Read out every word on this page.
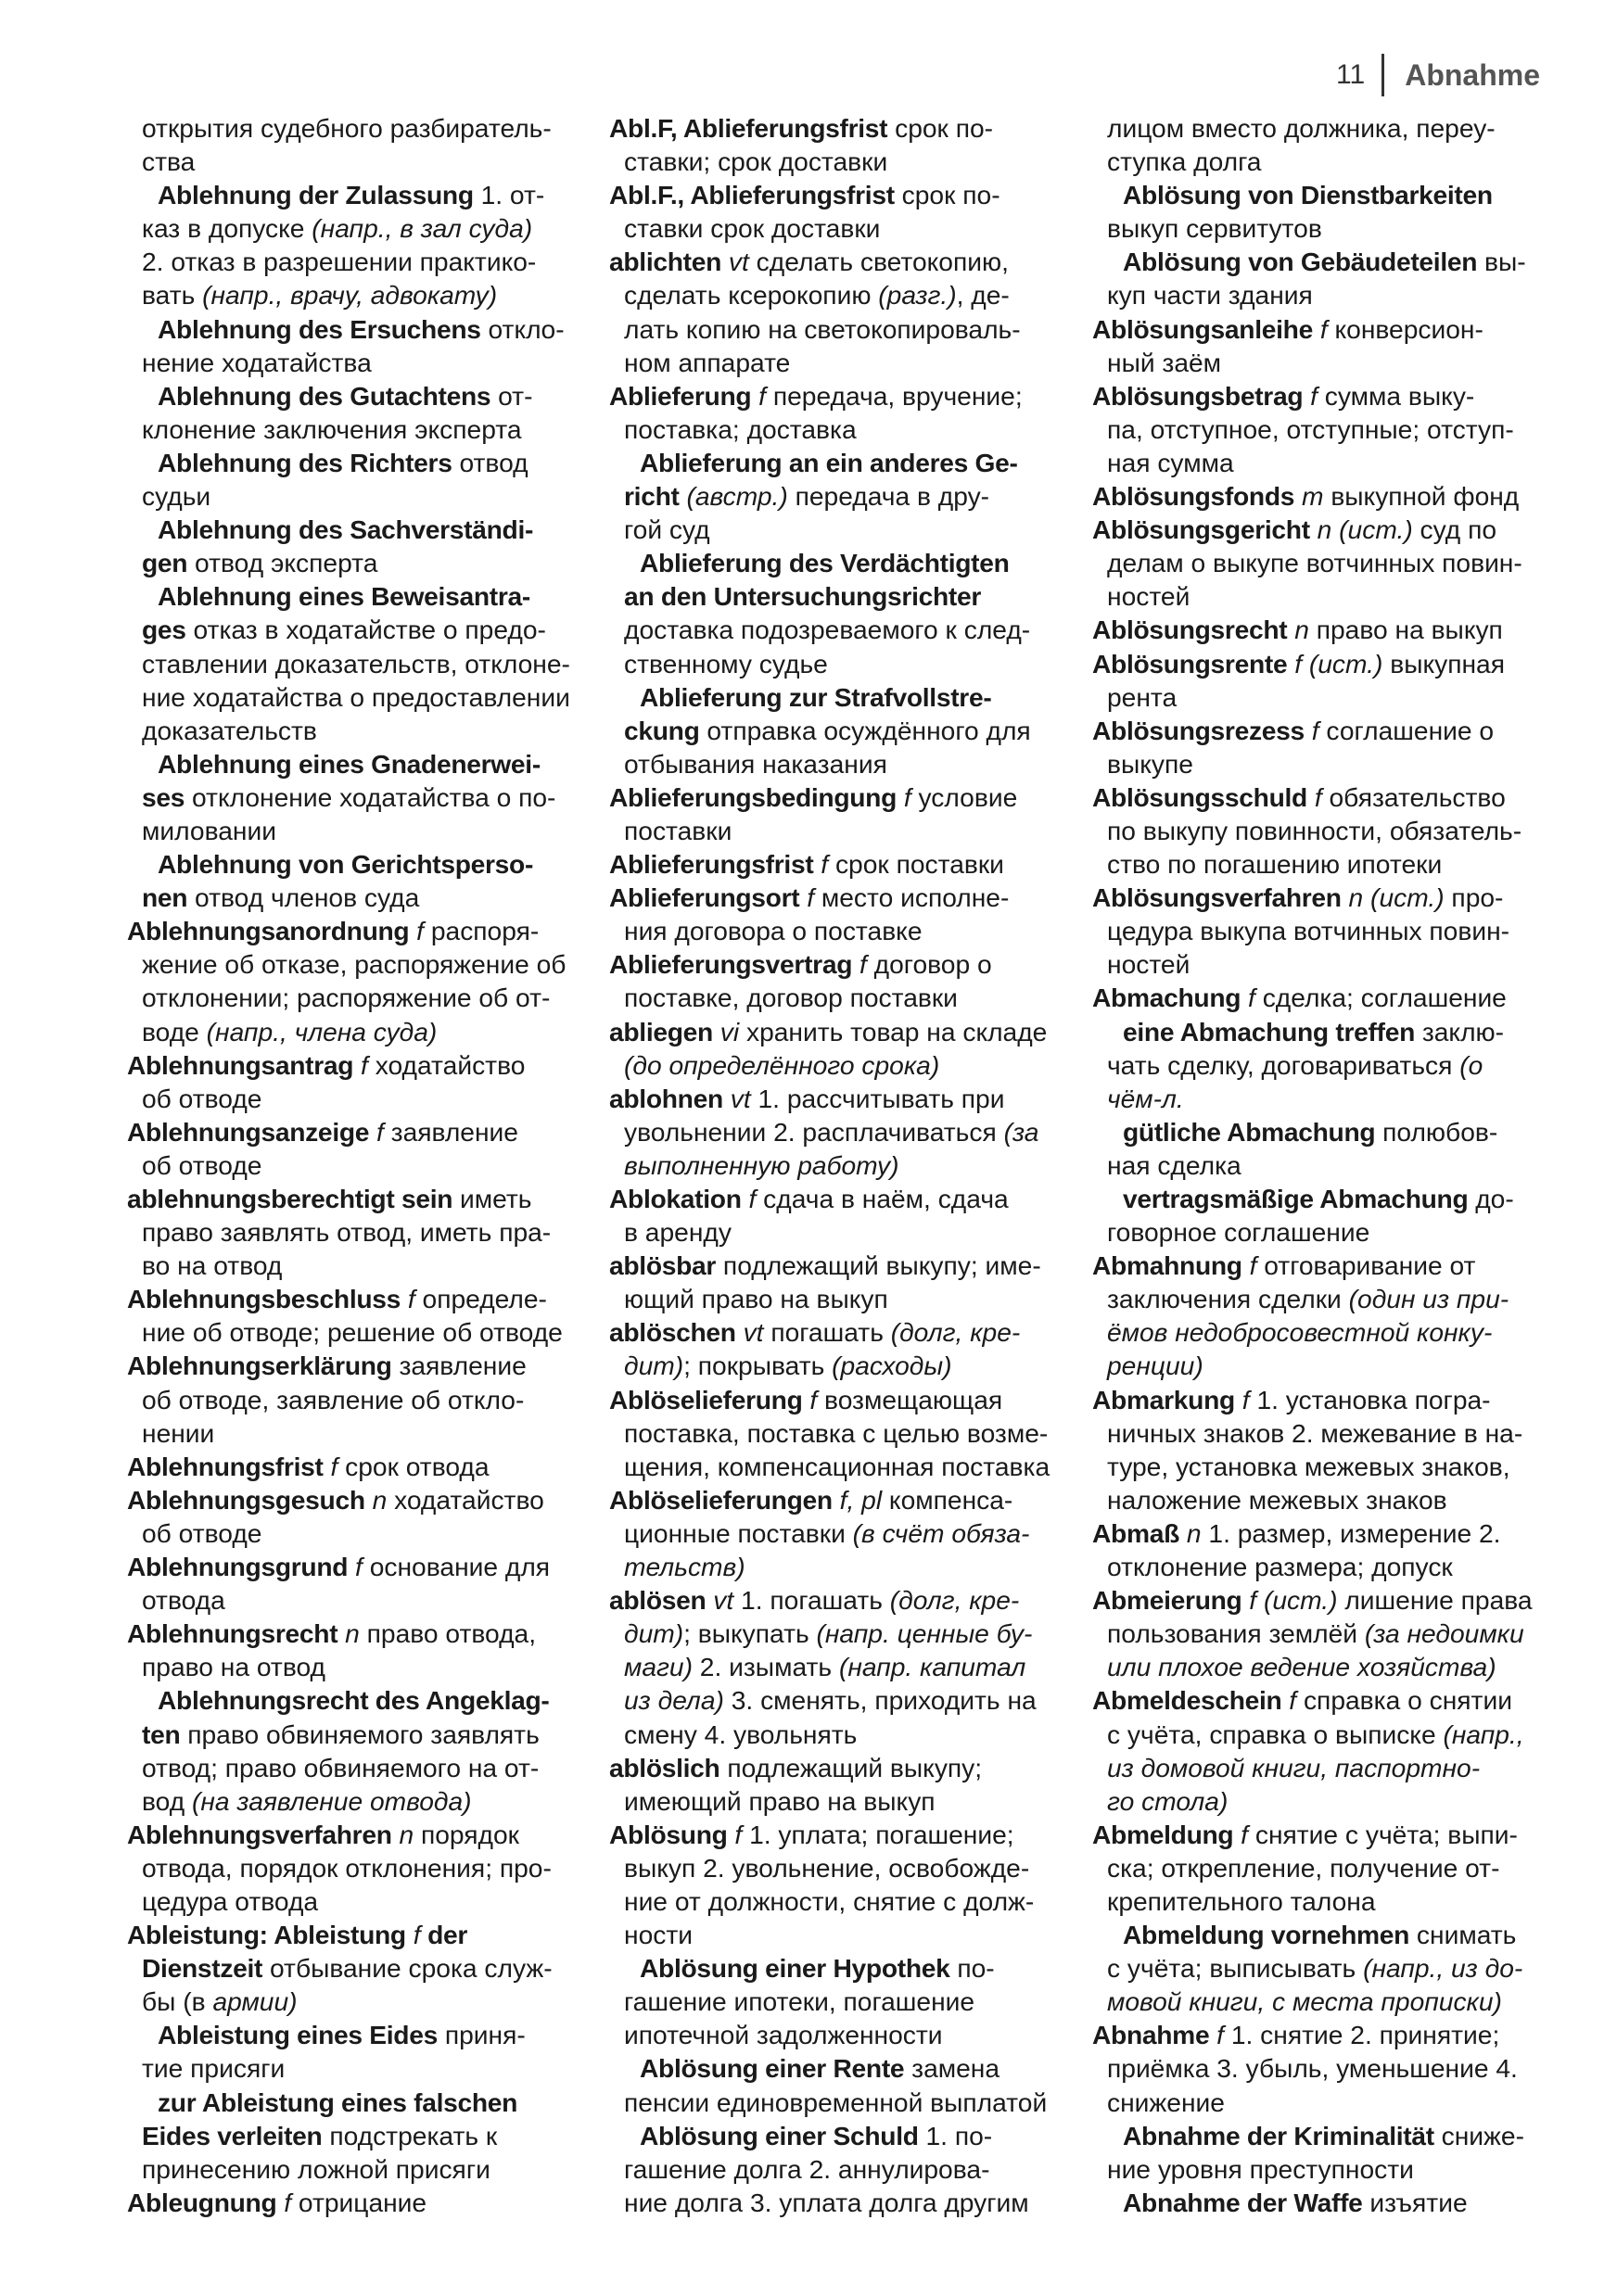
11 Abnahme
открытия судебного разбиратель-
ства
Ablehnung der Zulassung 1. от-
каз в допуске (напр., в зал суда)
2. отказ в разрешении практико-
вать (напр., врачу, адвокату)
Ablehnung des Ersuchens отклo-
нение ходатайства
Ablehnung des Gutachtens от-
клонение заключения эксперта
Ablehnung des Richters отвод
судьи
Ablehnung des Sachverständi-
gen отвод эксперта
Ablehnung eines Beweisantra-
ges отказ в ходатайстве о предо-
ставлении доказательств, отклоне-
ние ходатайства о предоставлении
доказательств
Ablehnung eines Gnadenerwei-
ses отклонение ходатайства о по-
миловании
Ablehnung von Gerichtsperso-
nen отвод членов суда
Ablehnungsanordnung f распоря-
жение об отказе, распоряжение об
отклонении; распоряжение об от-
воде (напр., члена суда)
Ablehnungsantrag f ходатайство
об отводе
Ablehnungsanzeige f заявление
об отводе
ablehnungsberechtigt sein иметь
право заявлять отвод, иметь пра-
во на отвод
Ablehnungsbeschluss f определе-
ние об отводе; решение об отводе
Ablehnungserklärung заявление
об отводе, заявление об откло-
нении
Ablehnungsfrist f срок отвода
Ablehnungsgesuch n ходатайство
об отводе
Ablehnungsgrund f основание для
отвода
Ablehnungsrecht n право отвода,
право на отвод
Ablehnungsrecht des Angeklag-
ten право обвиняемого заявлять
отвод; право обвиняемого на от-
вод (на заявление отвода)
Ablehnungsverfahren n порядок
отвода, порядок отклонения; про-
цедура отвода
Ableistung: Ableistung f der
Dienstzeit отбывание срока служ-
бы (в армии)
Ableistung eines Eides приня-
тие присяги
zur Ableistung eines falschen
Eides verleiten подстрекать к
принесению ложной присяги
Ableugnung f отрицание
Abl.F, Ablieferungsfrist срок по-
ставки; срок доставки
Abl.F., Ablieferungsfrist срок по-
ставки срок доставки
ablichten vt сделать светокопию,
сделать ксерокопию (разг.), де-
лать копию на светокопироваль-
ном аппарате
Ablieferung f передача, вручение;
поставка; доставка
Ablieferung an ein anderes Ge-
richt (австр.) передача в дру-
гой суд
Ablieferung des Verdächtigten
an den Untersuchungsrichter
доставка подозреваемого к след-
ственному судье
Ablieferung zur Strafvollstre-
ckung отправка осуждённого для
отбывания наказания
Ablieferungsbedingung f условие
поставки
Ablieferungsfrist f срок поставки
Ablieferungsort f место исполне-
ния договора о поставке
Ablieferungsvertrag f договор о
поставке, договор поставки
abliegen vi хранить товар на складе
(до определённого срока)
ablohnen vt 1. рассчитывать при
увольнении 2. расплачиваться (за
выполненную работу)
Ablokation f сдача в наём, сдача
в аренду
ablösbar подлежащий выкупу; име-
ющий право на выкуп
ablöschen vt погашать (долг, кре-
дит); покрывать (расходы)
Ablöselieferung f возмещающая
поставка, поставка с целью возме-
щения, компенсационная поставка
Ablöselieferungen f, pl компенса-
ционные поставки (в счёт обяза-
тельств)
ablösen vt 1. погашать (долг, кре-
дит); выкупать (напр. ценные бу-
маги) 2. изымать (напр. капитал
из дела) 3. сменять, приходить на
смену 4. увольнять
ablöslich подлежащий выкупу;
имеющий право на выкуп
Ablösung f 1. уплата; погашение;
выкуп 2. увольнение, освобожде-
ние от должности, снятие с долж-
ности
Ablösung einer Hypothek по-
гашение ипотеки, погашение
ипотечной задолженности
Ablösung einer Rente замена
пенсии единовременной выплатой
Ablösung einer Schuld 1. по-
гашение долга 2. аннулирова-
ние долга 3. уплата долга другим
лицом вместо должника, переу-
ступка долга
Ablösung von Dienstbarkeiten
выкуп сервитутов
Ablösung von Gebäudeteilen вы-
куп части здания
Ablösungsanleihe f конверсион-
ный заём
Ablösungsbetrag f сумма выку-
па, отступное, отступные; отступ-
ная сумма
Ablösungsfonds m выкупной фонд
Ablösungsgericht n (ист.) суд по
делам о выкупе вотчинных повин-
ностей
Ablösungsrecht n право на выкуп
Ablösungsrente f (ист.) выкупная
рента
Ablösungsrezess f соглашение о
выкупе
Ablösungsschuld f обязательство
по выкупу повинности, обязатель-
ство по погашению ипотеки
Ablösungsverfahren n (ист.) про-
цедура выкупа вотчинных повин-
ностей
Abmachung f сделка; соглашение
eine Abmachung treffen заклю-
чать сделку, договариваться (о
чём-л.
gütliche Abmachung полюбов-
ная сделка
vertragsmäßige Abmachung до-
говорное соглашение
Abmahnung f отговаривание от
заключения сделки (один из при-
ёмов недобросовестной конку-
ренции)
Abmarkung f 1. установка погра-
ничных знаков 2. межевание в на-
туре, установка межевых знаков,
наложение межевых знаков
Abmaß n 1. размер, измерение 2.
отклонение размера; допуск
Abmeierung f (ист.) лишение права
пользования землёй (за недоимки
или плохое ведение хозяйства)
Abmeldeschein f справка о снятии
с учёта, справка о выписке (напр.,
из домовой книги, паспортно-
го стола)
Abmeldung f снятие с учёта; выпи-
ска; открепление, получение от-
крепительного талона
Abmeldung vornehmen снимать
с учёта; выписывать (напр., из до-
мовой книги, с места прописки)
Abnahme f 1. снятие 2. принятие;
приёмка 3. убыль, уменьшение 4.
снижение
Abnahme der Kriminalität сниже-
ние уровня преступности
Abnahme der Waffe изъятие
